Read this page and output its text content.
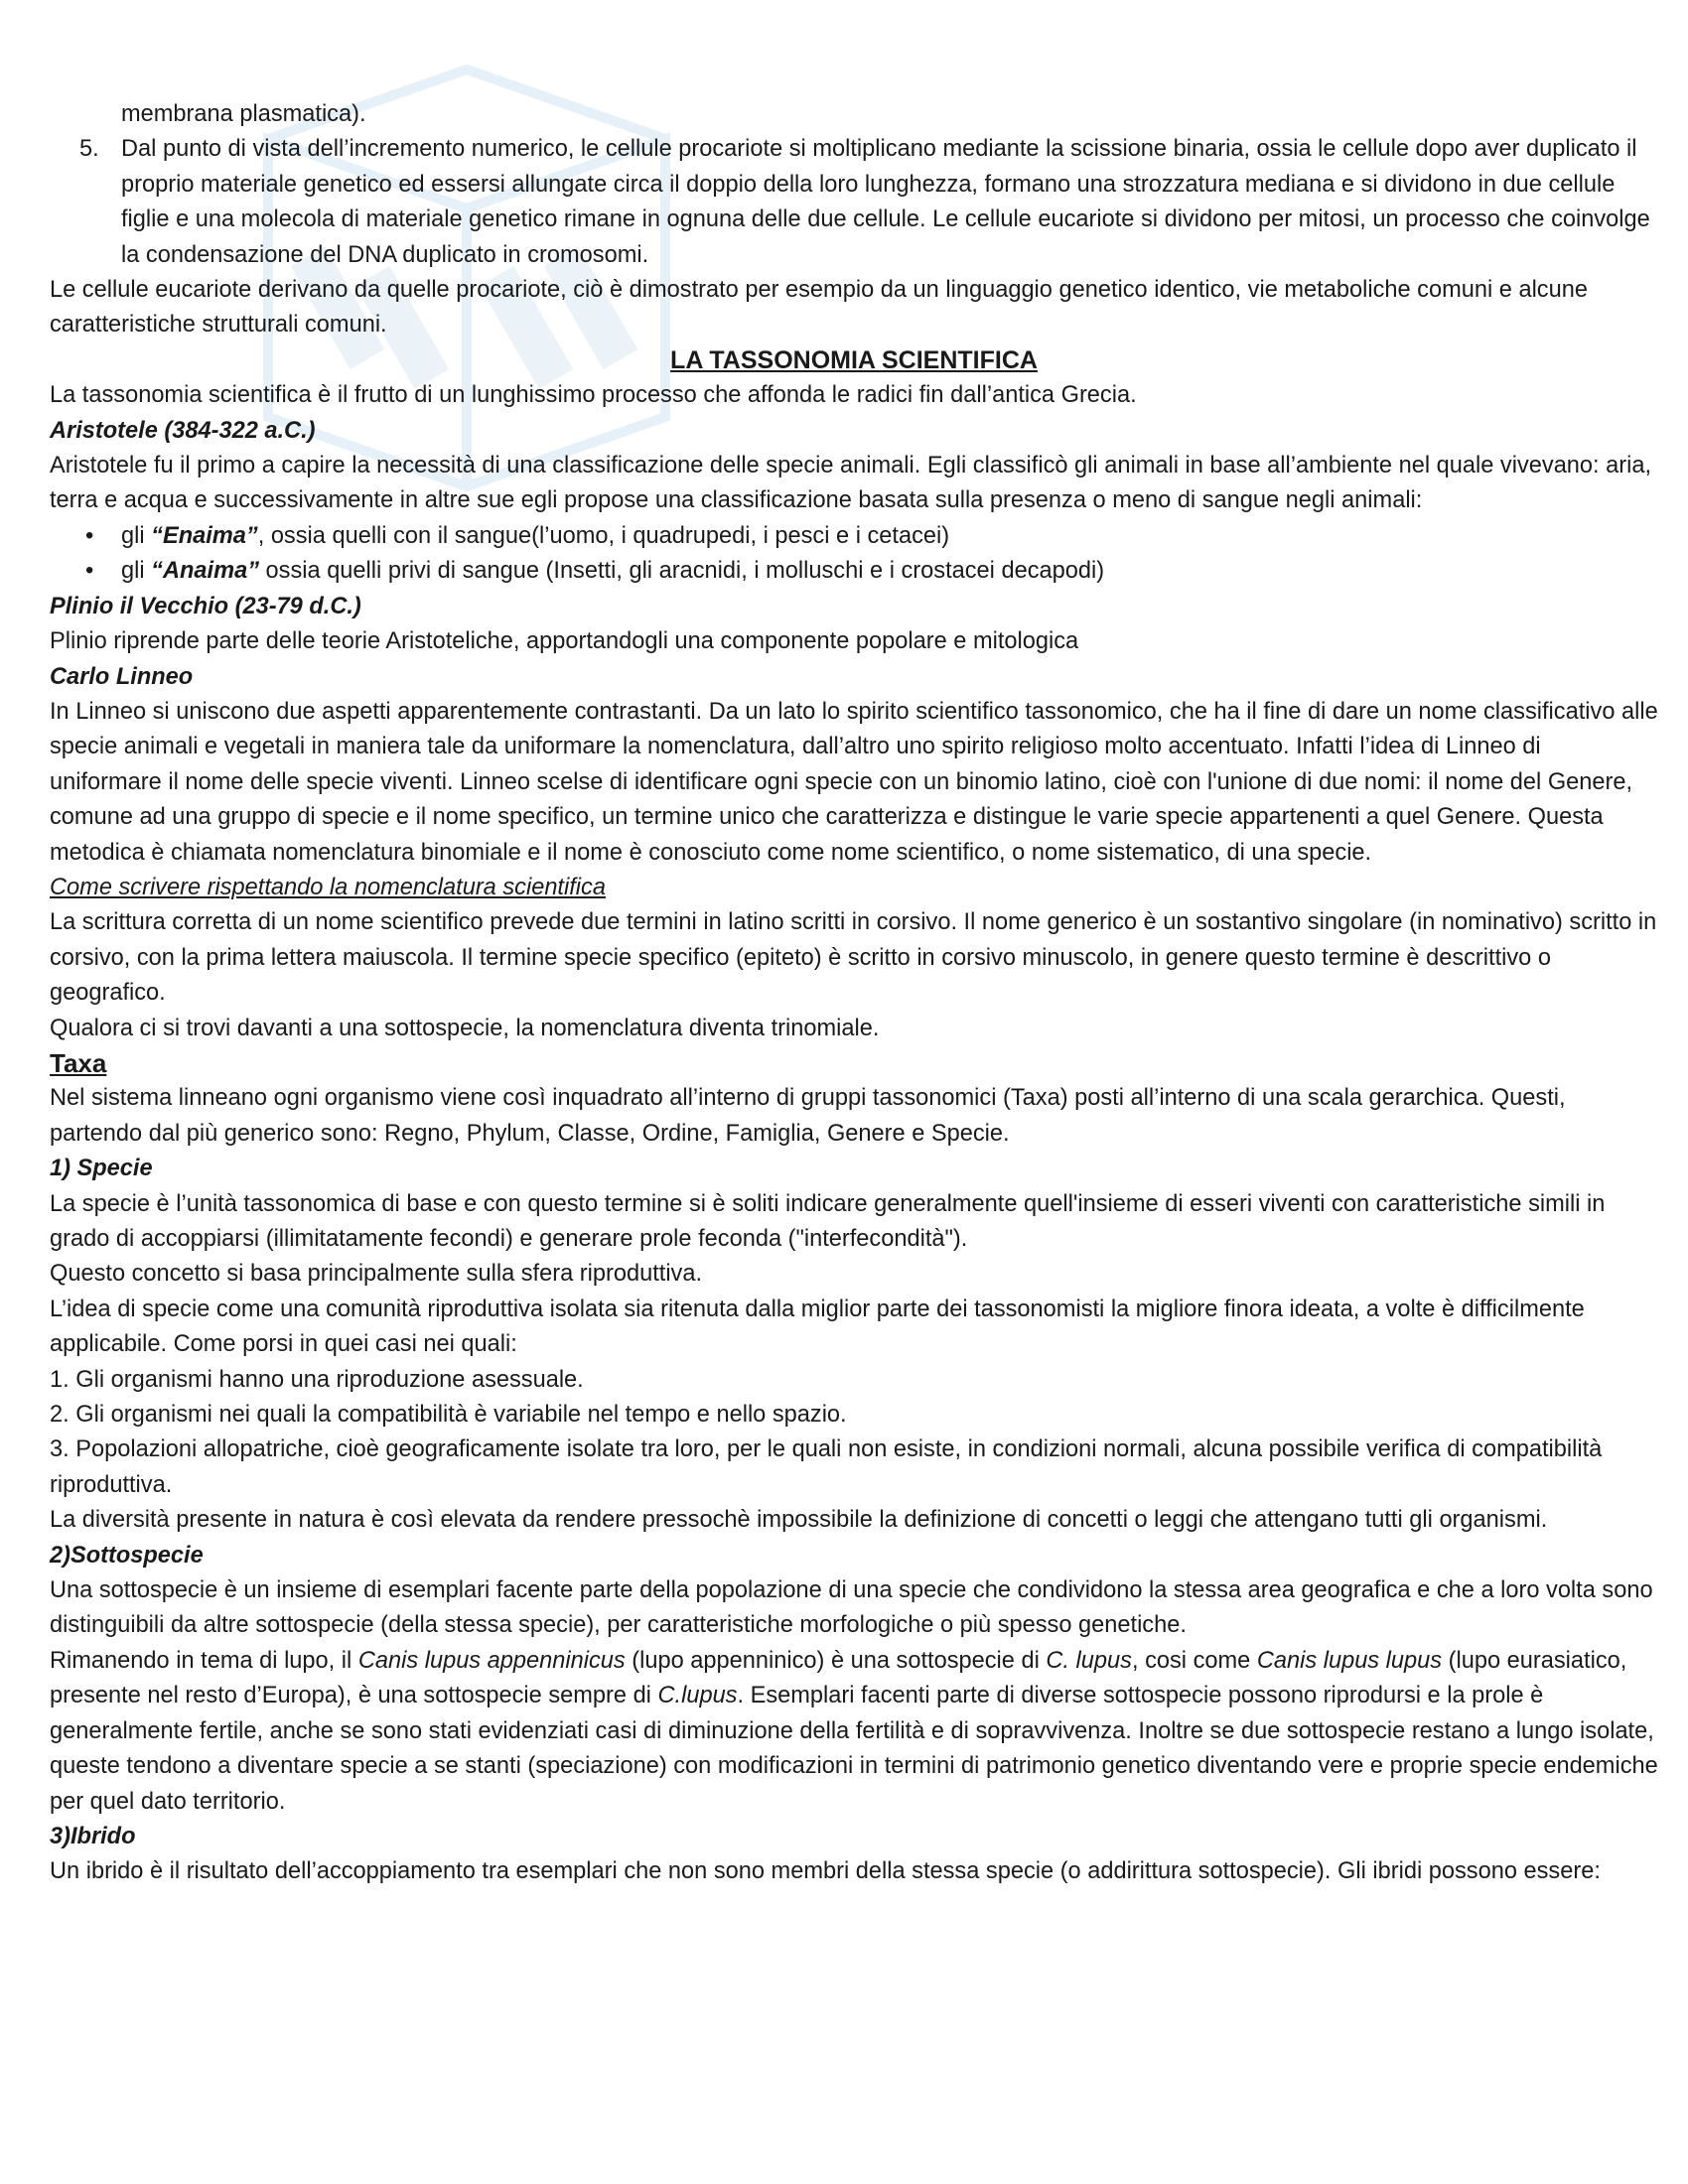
membrana plasmatica).

5. Dal punto di vista dell’incremento numerico, le cellule procariote si moltiplicano mediante la scissione binaria, ossia le cellule dopo aver duplicato il proprio materiale genetico ed essersi allungate circa il doppio della loro lunghezza, formano una strozzatura mediana e si dividono in due cellule figlie e una molecola di materiale genetico rimane in ognuna delle due cellule. Le cellule eucariote si dividono per mitosi, un processo che coinvolge la condensazione del DNA duplicato in cromosomi.

Le cellule eucariote derivano da quelle procariote, ciò è dimostrato per esempio da un linguaggio genetico identico, vie metaboliche comuni e alcune caratteristiche strutturali comuni.

LA TASSONOMIA SCIENTIFICA

La tassonomia scientifica è il frutto di un lunghissimo processo che affonda le radici fin dall’antica Grecia.

Aristotele (384-322 a.C.)

Aristotele fu il primo a capire la necessità di una classificazione delle specie animali. Egli classificò gli animali in base all’ambiente nel quale vivevano: aria, terra e acqua e successivamente in altre sue egli propose una classificazione basata sulla presenza o meno di sangue negli animali:

• gli “Enaima”, ossia quelli con il sangue(l’uomo, i quadrupedi, i pesci e i cetacei)
• gli “Anaima” ossia quelli privi di sangue (Insetti, gli aracnidi, i molluschi e i crostacei decapodi)

Plinio il Vecchio (23-79 d.C.)

Plinio riprende parte delle teorie Aristoteliche, apportandogli una componente popolare e mitologica

Carlo Linneo

In Linneo si uniscono due aspetti apparentemente contrastanti. Da un lato lo spirito scientifico tassonomico, che ha il fine di dare un nome classificativo alle specie animali e vegetali in maniera tale da uniformare la nomenclatura, dall’altro uno spirito religioso molto accentuato. Infatti l’idea di Linneo di uniformare il nome delle specie viventi. Linneo scelse di identificare ogni specie con un binomio latino, cioè con l'unione di due nomi: il nome del Genere, comune ad una gruppo di specie e il nome specifico, un termine unico che caratterizza e distingue le varie specie appartenenti a quel Genere. Questa metodica è chiamata nomenclatura binomiale e il nome è conosciuto come nome scientifico, o nome sistematico, di una specie.

Come scrivere rispettando la nomenclatura scientifica

La scrittura corretta di un nome scientifico prevede due termini in latino scritti in corsivo. Il nome generico è un sostantivo singolare (in nominativo) scritto in corsivo, con la prima lettera maiuscola. Il termine specie specifico (epiteto) è scritto in corsivo minuscolo, in genere questo termine è descrittivo o geografico.

Qualora ci si trovi davanti a una sottospecie, la nomenclatura diventa trinomiale.

Taxa

Nel sistema linneano ogni organismo viene così inquadrato all’interno di gruppi tassonomici (Taxa) posti all’interno di una scala gerarchica. Questi, partendo dal più generico sono: Regno, Phylum, Classe, Ordine, Famiglia, Genere e Specie.

1) Specie

La specie è l’unità tassonomica di base e con questo termine si è soliti indicare generalmente quell'insieme di esseri viventi con caratteristiche simili in grado di accoppiarsi (illimitatamente fecondi) e generare prole feconda ("interfecondità").

Questo concetto si basa principalmente sulla sfera riproduttiva.

L’idea di specie come una comunità riproduttiva isolata sia ritenuta dalla miglior parte dei tassonomisti la migliore finora ideata, a volte è difficilmente applicabile. Come porsi in quei casi nei quali:

1. Gli organismi hanno una riproduzione asessuale.

2. Gli organismi nei quali la compatibilità è variabile nel tempo e nello spazio.

3. Popolazioni allopatriche, cioè geograficamente isolate tra loro, per le quali non esiste, in condizioni normali, alcuna possibile verifica di compatibilità riproduttiva.

La diversità presente in natura è così elevata da rendere pressochè impossibile la definizione di concetti o leggi che attengano tutti gli organismi.

2)Sottospecie

Una sottospecie è un insieme di esemplari facente parte della popolazione di una specie che condividono la stessa area geografica e che a loro volta sono distinguibili da altre sottospecie (della stessa specie), per caratteristiche morfologiche o più spesso genetiche.

Rimanendo in tema di lupo, il Canis lupus appenninicus (lupo appenninico) è una sottospecie di C. lupus, cosi come Canis lupus lupus (lupo eurasiatico, presente nel resto d’Europa), è una sottospecie sempre di C.lupus. Esemplari facenti parte di diverse sottospecie possono riprodursi e la prole è generalmente fertile, anche se sono stati evidenziati casi di diminuzione della fertilità e di sopravvivenza. Inoltre se due sottospecie restano a lungo isolate, queste tendono a diventare specie a se stanti (speciazione) con modificazioni in termini di patrimonio genetico diventando vere e proprie specie endemiche per quel dato territorio.

3)Ibrido

Un ibrido è il risultato dell’accoppiamento tra esemplari che non sono membri della stessa specie (o addirittura sottospecie). Gli ibridi possono essere:
